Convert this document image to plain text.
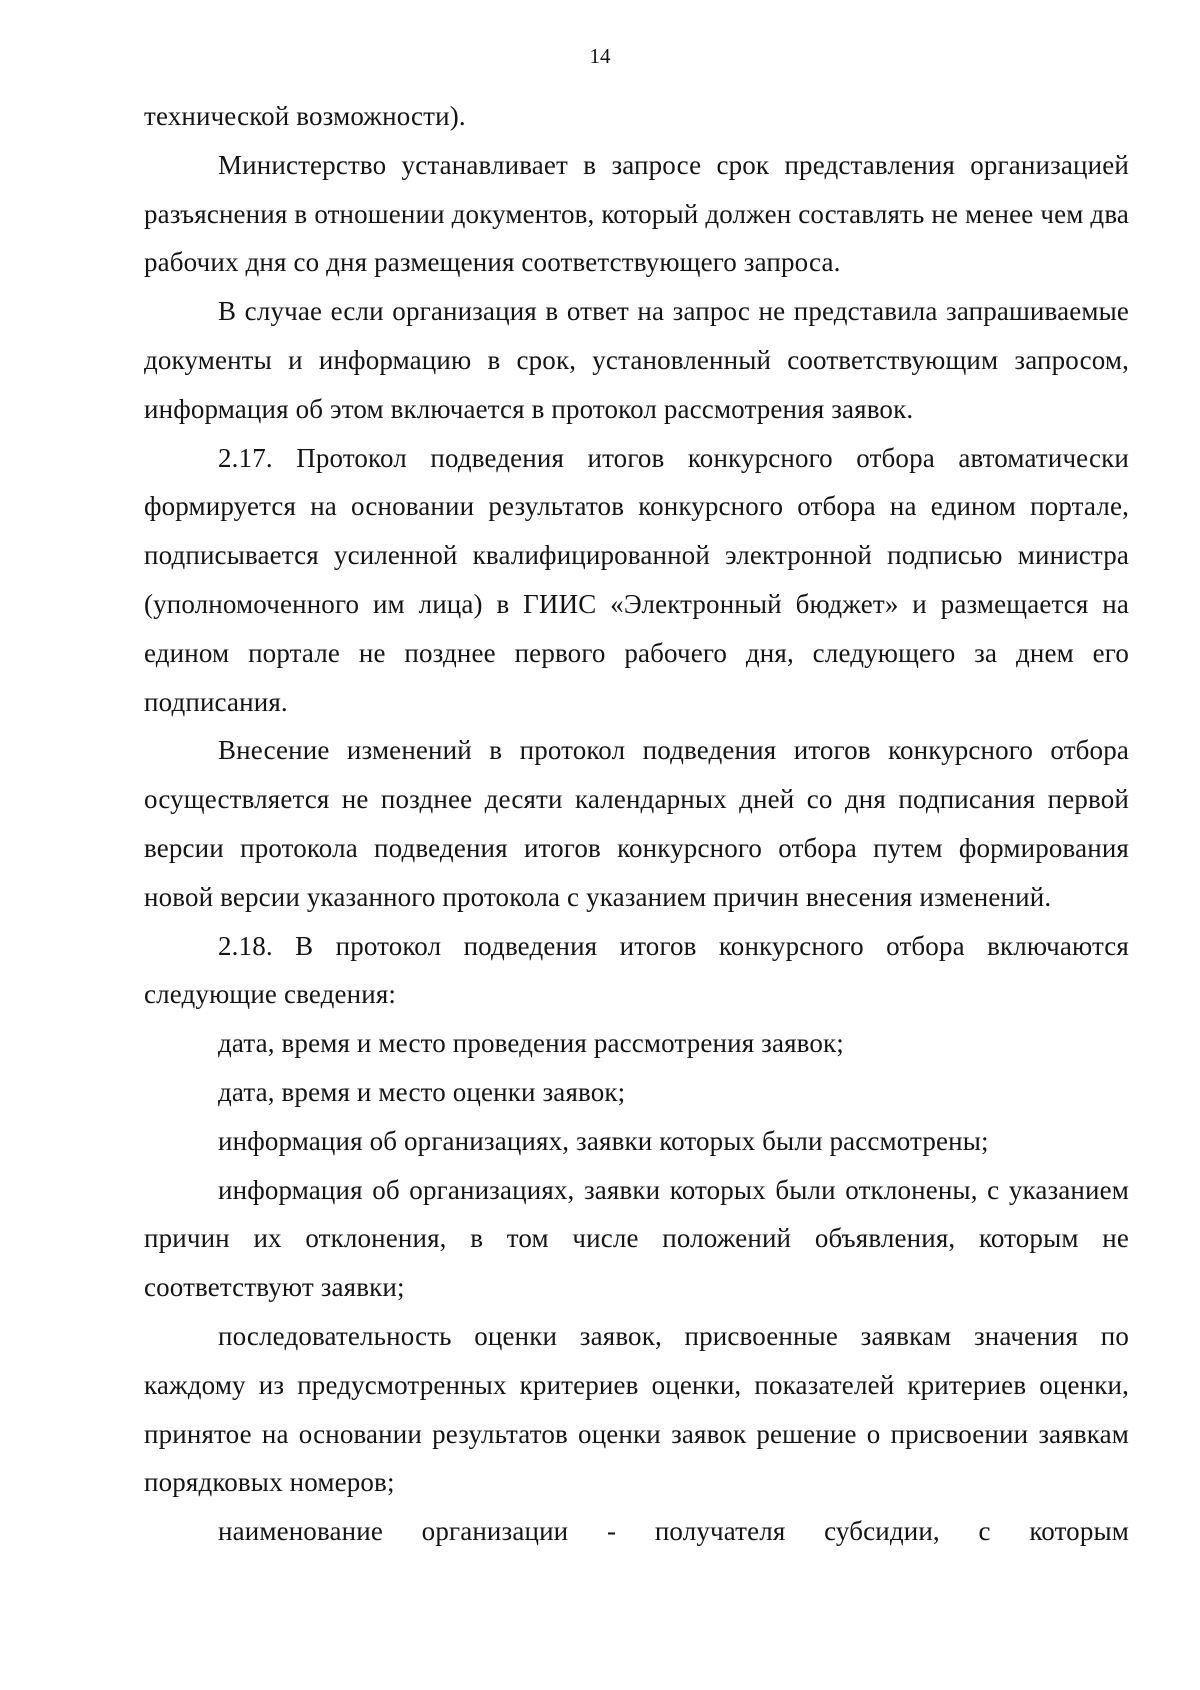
14

технической возможности).

Министерство устанавливает в запросе срок представления организацией разъяснения в отношении документов, который должен составлять не менее чем два рабочих дня со дня размещения соответствующего запроса.

В случае если организация в ответ на запрос не представила запрашиваемые документы и информацию в срок, установленный соответствующим запросом, информация об этом включается в протокол рассмотрения заявок.

2.17. Протокол подведения итогов конкурсного отбора автоматически формируется на основании результатов конкурсного отбора на едином портале, подписывается усиленной квалифицированной электронной подписью министра (уполномоченного им лица) в ГИИС «Электронный бюджет» и размещается на едином портале не позднее первого рабочего дня, следующего за днем его подписания.

Внесение изменений в протокол подведения итогов конкурсного отбора осуществляется не позднее десяти календарных дней со дня подписания первой версии протокола подведения итогов конкурсного отбора путем формирования новой версии указанного протокола с указанием причин внесения изменений.

2.18. В протокол подведения итогов конкурсного отбора включаются следующие сведения:

дата, время и место проведения рассмотрения заявок;

дата, время и место оценки заявок;

информация об организациях, заявки которых были рассмотрены;

информация об организациях, заявки которых были отклонены, с указанием причин их отклонения, в том числе положений объявления, которым не соответствуют заявки;

последовательность оценки заявок, присвоенные заявкам значения по каждому из предусмотренных критериев оценки, показателей критериев оценки, принятое на основании результатов оценки заявок решение о присвоении заявкам порядковых номеров;

наименование организации - получателя субсидии, с которым
